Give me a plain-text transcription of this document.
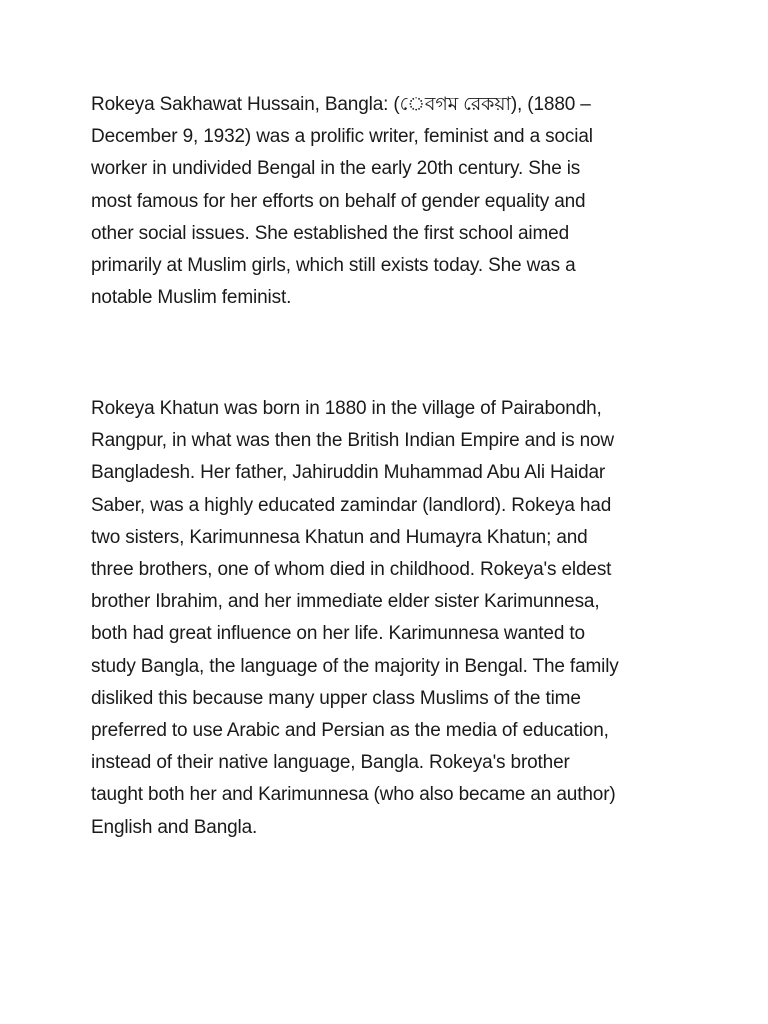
Rokeya Sakhawat Hussain, Bangla: (েবগম রেকয়া), (1880 –
December 9, 1932) was a prolific writer, feminist and a social
worker in undivided Bengal in the early 20th century. She is
most famous for her efforts on behalf of gender equality and
other social issues. She established the first school aimed
primarily at Muslim girls, which still exists today. She was a
notable Muslim feminist.

Rokeya Khatun was born in 1880 in the village of Pairabondh,
Rangpur, in what was then the British Indian Empire and is now
Bangladesh. Her father, Jahiruddin Muhammad Abu Ali Haidar
Saber, was a highly educated zamindar (landlord). Rokeya had
two sisters, Karimunnesa Khatun and Humayra Khatun; and
three brothers, one of whom died in childhood. Rokeya's eldest
brother Ibrahim, and her immediate elder sister Karimunnesa,
both had great influence on her life. Karimunnesa wanted to
study Bangla, the language of the majority in Bengal. The family
disliked this because many upper class Muslims of the time
preferred to use Arabic and Persian as the media of education,
instead of their native language, Bangla. Rokeya's brother
taught both her and Karimunnesa (who also became an author)
English and Bangla.
